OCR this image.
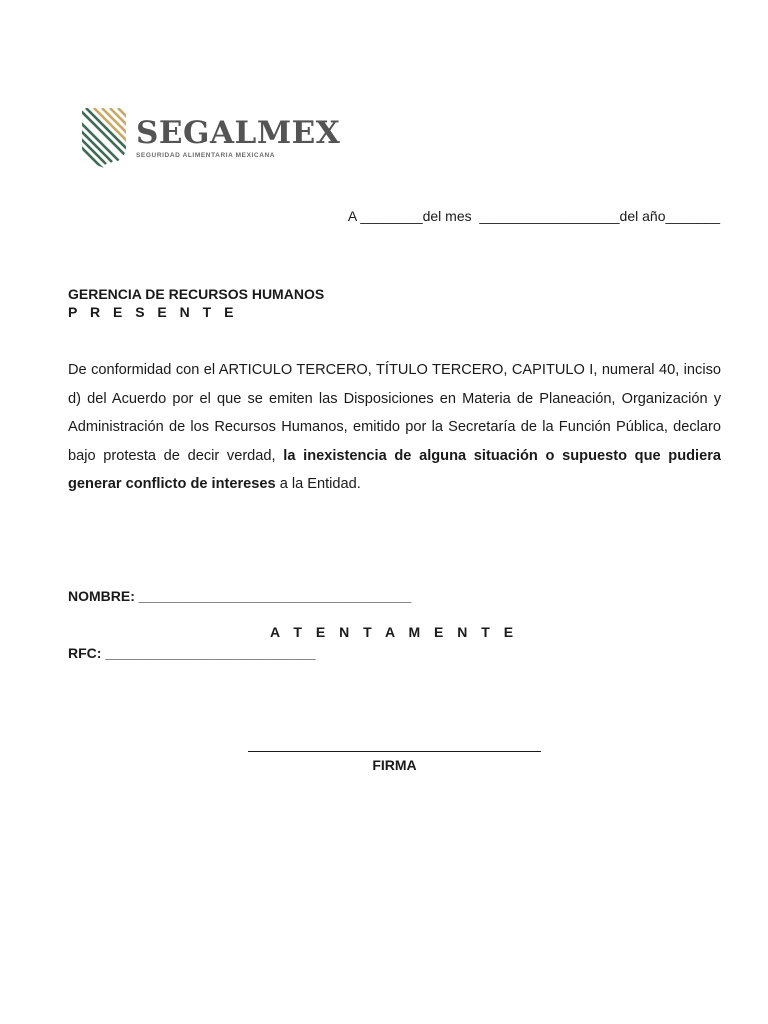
SEGALMEX
SEGURIDAD ALIMENTARIA MEXICANA
A ________del mes  __________________del año_______
GERENCIA DE RECURSOS HUMANOS
P R E S E N T E
De conformidad con el ARTICULO TERCERO, TÍTULO TERCERO, CAPITULO I, numeral 40, inciso d) del Acuerdo por el que se emiten las Disposiciones en Materia de Planeación, Organización y Administración de los Recursos Humanos, emitido por la Secretaría de la Función Pública, declaro bajo protesta de decir verdad, la inexistencia de alguna situación o supuesto que pudiera generar conflicto de intereses a la Entidad.

NOMBRE: ___________________________________

RFC: ___________________________

A T E N T A M E N T E
FIRMA
